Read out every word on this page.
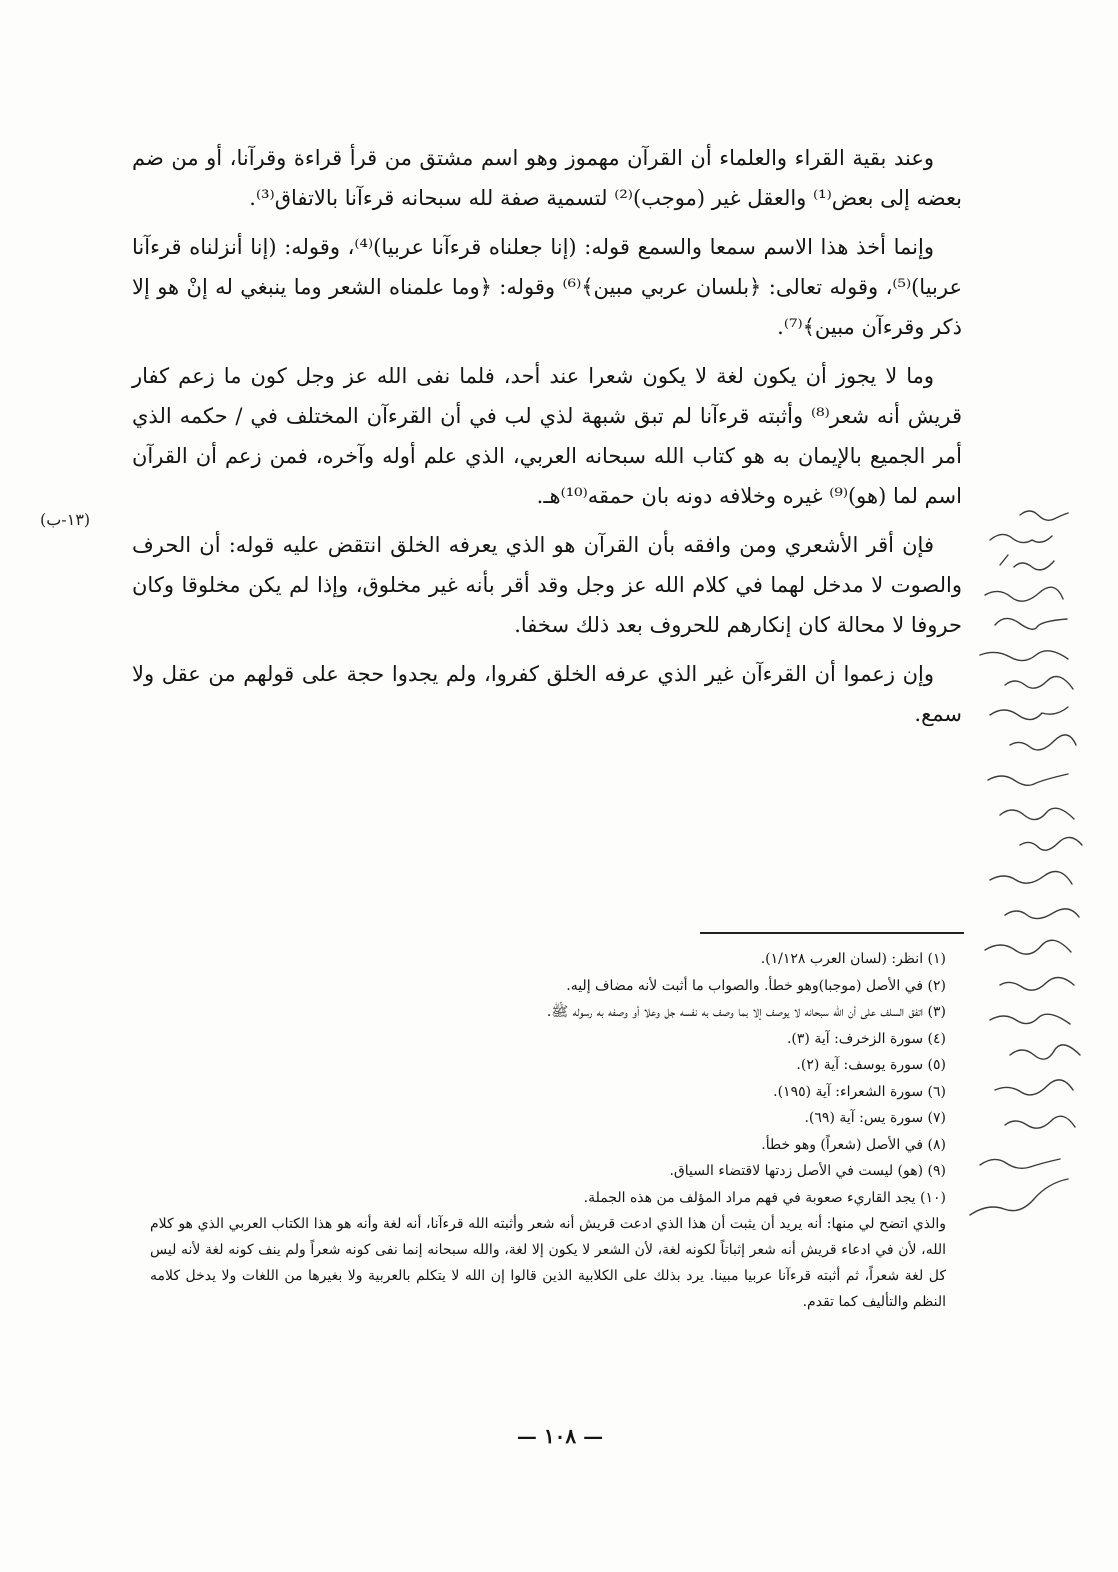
وعند بقية القراء والعلماء أن القرآن مهموز وهو اسم مشتق من قرأ قراءة وقرآنا، أو من ضم بعضه إلى بعض⁽¹⁾ والعقل غير (موجب)⁽²⁾ لتسمية صفة لله سبحانه قرءآنا بالاتفاق⁽³⁾.

وإنما أخذ هذا الاسم سمعا والسمع قوله: (إنا جعلناه قرءآنا عربيا)⁽⁴⁾، وقوله: (إنا أنزلناه قرءآنا عربيا)⁽⁵⁾، وقوله تعالى: ﴿بلسان عربي مبين﴾⁽⁶⁾ وقوله: ﴿وما علمناه الشعر وما ينبغي له إنْ هو إلا ذكر وقرءآن مبين﴾⁽⁷⁾.

وما لا يجوز أن يكون لغة لا يكون شعرا عند أحد، فلما نفى الله عز وجل كون ما زعم كفار قريش أنه شعر⁽⁸⁾ وأثبته قرءآنا لم تبق شبهة لذي لب في أن القرءآن المختلف في / حكمه الذي أمر الجميع بالإيمان به هو كتاب الله سبحانه العربي، الذي علم أوله وآخره، فمن زعم أن القرآن اسم لما (هو)⁽⁹⁾ غيره وخلافه دونه بان حمقه⁽¹⁰⁾هـ.

فإن أقر الأشعري ومن وافقه بأن القرآن هو الذي يعرفه الخلق انتقض عليه قوله: أن الحرف والصوت لا مدخل لهما في كلام الله عز وجل وقد أقر بأنه غير مخلوق، وإذا لم يكن مخلوقا وكان حروفا لا محالة كان إنكارهم للحروف بعد ذلك سخفا.

وإن زعموا أن القرءآن غير الذي عرفه الخلق كفروا، ولم يجدوا حجة على قولهم من عقل ولا سمع.

(١٣-ب)

(١) انظر: (لسان العرب ١/١٢٨).

(٢) في الأصل (موجبا)وهو خطأ. والصواب ما أثبت لأنه مضاف إليه.

(٣) اتفق السلف على أن الله سبحانه لا يوصف إلا بما وصف به نفسه جل وعلا أو وصفه به رسوله ﷺ.

(٤) سورة الزخرف: آية (٣).

(٥) سورة يوسف: آية (٢).

(٦) سورة الشعراء: آية (١٩٥).

(٧) سورة يس: آية (٦٩).

(٨) في الأصل (شعراً) وهو خطأ.

(٩) (هو) ليست في الأصل زدتها لاقتضاء السياق.

(١٠) يجد القاريء صعوبة في فهم مراد المؤلف من هذه الجملة.

والذي اتضح لي منها: أنه يريد أن يثبت أن هذا الذي ادعت قريش أنه شعر وأثبته الله قرءآنا، أنه لغة وأنه هو هذا الكتاب العربي الذي هو كلام الله، لأن في ادعاء قريش أنه شعر إثباتاً لكونه لغة، لأن الشعر لا يكون إلا لغة، والله سبحانه إنما نفى كونه شعراً ولم ينف كونه لغة لأنه ليس كل لغة شعراً، ثم أثبته قرءآنا عربيا مبينا. يرد بذلك على الكلابية الذين قالوا إن الله لا يتكلم بالعربية ولا بغيرها من اللغات ولا يدخل كلامه النظم والتأليف كما تقدم.

— ١٠٨ —
